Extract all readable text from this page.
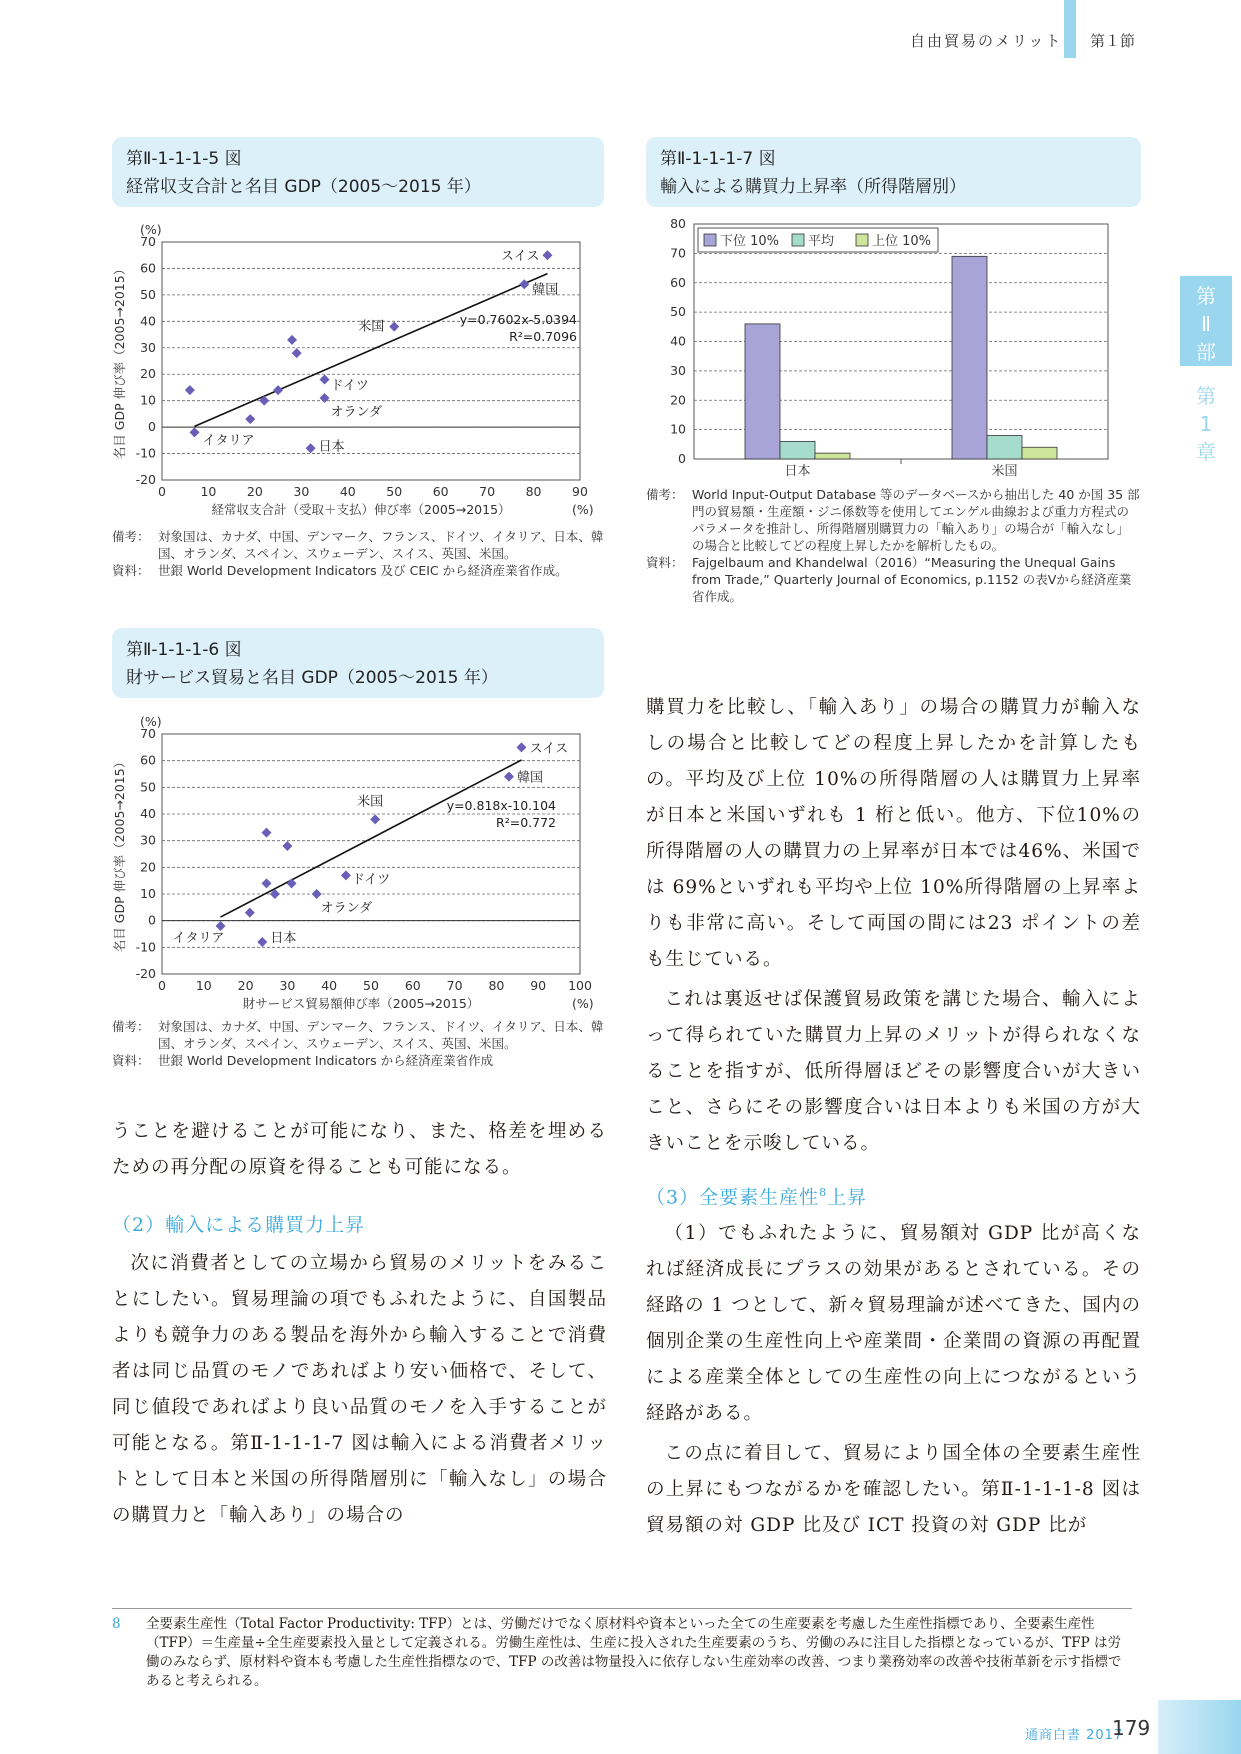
自由貿易のメリット 第１節
第
Ⅱ
部
第
1
章
第Ⅱ-1-1-1-5 図
経常収支合計と名目 GDP（2005〜2015 年）
-20
-10
0
10
20
30
40
50
60
70
0	10 20 30 40 50 60 70 80 90
(%)
(%)
経常収支合計（受取＋支払）伸び率（2005→2015）
名目 GDP 伸び率（2005→2015）
スイス
韓国
米国
ドイツ
オランダ
イタリア	日本
y=0.7602x-5.0394
R²=0.7096
備考： 対象国は、カナダ、中国、デンマーク、フランス、ドイツ、イタリア、日本、韓国、オランダ、スペイン、スウェーデン、スイス、英国、米国。
資料： 世銀 World Development Indicators 及び CEIC から経済産業省作成。
第Ⅱ-1-1-1-6 図
財サービス貿易と名目 GDP（2005〜2015 年）
-20
-10
0
10
20
30
40
50
60
70
0 10 20 30 40 50 60 70 80 90 100
(%)
(%)
財サービス貿易額伸び率（2005→2015）
名目 GDP 伸び率（2005→2015）
スイス
韓国
米国
ドイツ
オランダ
イタリア	日本
y=0.818x-10.104
R²=0.772
備考： 対象国は、カナダ、中国、デンマーク、フランス、ドイツ、イタリア、日本、韓国、オランダ、スペイン、スウェーデン、スイス、英国、米国。
資料： 世銀 World Development Indicators から経済産業省作成
第Ⅱ-1-1-1-7 図
輸入による購買力上昇率（所得階層別）
0
10
20
30
40
50
60
70
80
日本	米国
下位 10% 平均	上位 10%
備考： World Input-Output Database 等のデータベースから抽出した 40 か国 35 部門の貿易額・生産額・ジニ係数等を使用してエンゲル曲線および重力方程式のパラメータを推計し、所得階層別購買力の「輸入あり」の場合が「輸入なし」の場合と比較してどの程度上昇したかを解析したもの。
資料： Fajgelbaum and Khandelwal（2016）“Measuring the Unequal Gains from Trade,” Quarterly Journal of Economics, p.1152 の表Ⅴから経済産業省作成。

うことを避けることが可能になり、また、格差を埋めるための再分配の原資を得ることも可能になる。

（2）輸入による購買力上昇

次に消費者としての立場から貿易のメリットをみることにしたい。貿易理論の項でもふれたように、自国製品よりも競争力のある製品を海外から輸入することで消費者は同じ品質のモノであればより安い価格で、そして、同じ値段であればより良い品質のモノを入手することが可能となる。第Ⅱ-1-1-1-7 図は輸入による消費者メリットとして日本と米国の所得階層別に「輸入なし」の場合の購買力と「輸入あり」の場合の

購買力を比較し、「輸入あり」の場合の購買力が輸入なしの場合と比較してどの程度上昇したかを計算したもの。平均及び上位 10%の所得階層の人は購買力上昇率が日本と米国いずれも 1 桁と低い。他方、下位10%の所得階層の人の購買力の上昇率が日本では46%、米国では 69%といずれも平均や上位 10%所得階層の上昇率よりも非常に高い。そして両国の間には23 ポイントの差も生じている。

これは裏返せば保護貿易政策を講じた場合、輸入によって得られていた購買力上昇のメリットが得られなくなることを指すが、低所得層ほどその影響度合いが大きいこと、さらにその影響度合いは日本よりも米国の方が大きいことを示唆している。

（3）全要素生産性$^8$上昇

（1）でもふれたように、貿易額対 GDP 比が高くなれば経済成長にプラスの効果があるとされている。その経路の 1 つとして、新々貿易理論が述べてきた、国内の個別企業の生産性向上や産業間・企業間の資源の再配置による産業全体としての生産性の向上につながるという経路がある。

この点に着目して、貿易により国全体の全要素生産性の上昇にもつながるかを確認したい。第Ⅱ-1-1-1-8 図は貿易額の対 GDP 比及び ICT 投資の対 GDP 比が

8	全要素生産性（Total Factor Productivity: TFP）とは、労働だけでなく原材料や資本といった全ての生産要素を考慮した生産性指標であり、全要素生産性（TFP）＝生産量÷全生産要素投入量として定義される。労働生産性は、生産に投入された生産要素のうち、労働のみに注目した指標となっているが、TFP は労働のみならず、原材料や資本も考慮した生産性指標なので、TFP の改善は物量投入に依存しない生産効率の改善、つまり業務効率の改善や技術革新を示す指標であると考えられる。
通商白書 2017
179
